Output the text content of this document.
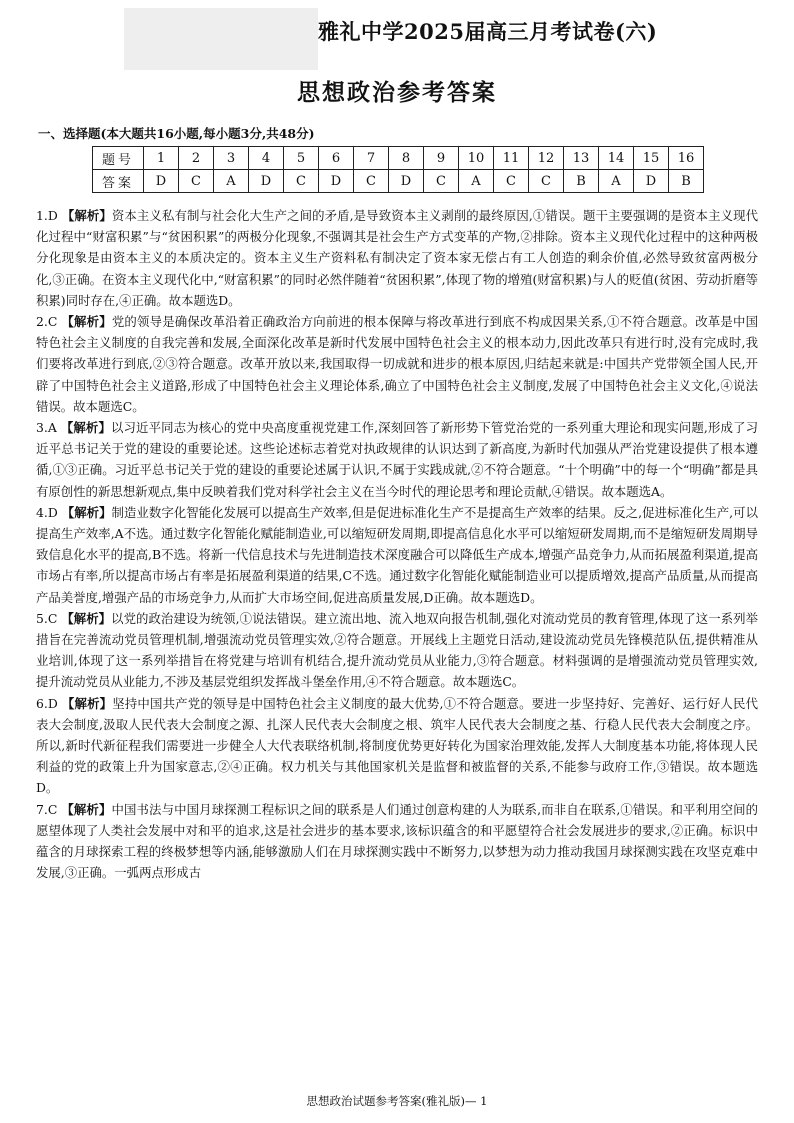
雅礼中学2025届高三月考试卷(六)
思想政治参考答案
一、选择题(本大题共16小题,每小题3分,共48分)
题号	1	2	3	4	5	6	7	8	9	10	11	12	13	14	15	16
答案	D	C	A	D	C	D	C	D	C	A	C	C	B	A	D	B

1.D 【解析】资本主义私有制与社会化大生产之间的矛盾,是导致资本主义剥削的最终原因,①错误。题干主要强调的是资本主义现代化过程中“财富积累”与“贫困积累”的两极分化现象,不强调其是社会生产方式变革的产物,②排除。资本主义现代化过程中的这种两极分化现象是由资本主义的本质决定的。资本主义生产资料私有制决定了资本家无偿占有工人创造的剩余价值,必然导致贫富两极分化,③正确。在资本主义现代化中,“财富积累”的同时必然伴随着“贫困积累”,体现了物的增殖(财富积累)与人的贬值(贫困、劳动折磨等积累)同时存在,④正确。故本题选D。

2.C 【解析】党的领导是确保改革沿着正确政治方向前进的根本保障与将改革进行到底不构成因果关系,①不符合题意。改革是中国特色社会主义制度的自我完善和发展,全面深化改革是新时代发展中国特色社会主义的根本动力,因此改革只有进行时,没有完成时,我们要将改革进行到底,②③符合题意。改革开放以来,我国取得一切成就和进步的根本原因,归结起来就是:中国共产党带领全国人民,开辟了中国特色社会主义道路,形成了中国特色社会主义理论体系,确立了中国特色社会主义制度,发展了中国特色社会主义文化,④说法错误。故本题选C。

3.A 【解析】以习近平同志为核心的党中央高度重视党建工作,深刻回答了新形势下管党治党的一系列重大理论和现实问题,形成了习近平总书记关于党的建设的重要论述。这些论述标志着党对执政规律的认识达到了新高度,为新时代加强从严治党建设提供了根本遵循,①③正确。习近平总书记关于党的建设的重要论述属于认识,不属于实践成就,②不符合题意。“十个明确”中的每一个“明确”都是具有原创性的新思想新观点,集中反映着我们党对科学社会主义在当今时代的理论思考和理论贡献,④错误。故本题选A。

4.D 【解析】制造业数字化智能化发展可以提高生产效率,但是促进标准化生产不是提高生产效率的结果。反之,促进标准化生产,可以提高生产效率,A不选。通过数字化智能化赋能制造业,可以缩短研发周期,即提高信息化水平可以缩短研发周期,而不是缩短研发周期导致信息化水平的提高,B不选。将新一代信息技术与先进制造技术深度融合可以降低生产成本,增强产品竞争力,从而拓展盈利渠道,提高市场占有率,所以提高市场占有率是拓展盈利渠道的结果,C不选。通过数字化智能化赋能制造业可以提质增效,提高产品质量,从而提高产品美誉度,增强产品的市场竞争力,从而扩大市场空间,促进高质量发展,D正确。故本题选D。

5.C 【解析】以党的政治建设为统领,①说法错误。建立流出地、流入地双向报告机制,强化对流动党员的教育管理,体现了这一系列举措旨在完善流动党员管理机制,增强流动党员管理实效,②符合题意。开展线上主题党日活动,建设流动党员先锋模范队伍,提供精准从业培训,体现了这一系列举措旨在将党建与培训有机结合,提升流动党员从业能力,③符合题意。材料强调的是增强流动党员管理实效,提升流动党员从业能力,不涉及基层党组织发挥战斗堡垒作用,④不符合题意。故本题选C。

6.D 【解析】坚持中国共产党的领导是中国特色社会主义制度的最大优势,①不符合题意。要进一步坚持好、完善好、运行好人民代表大会制度,汲取人民代表大会制度之源、扎深人民代表大会制度之根、筑牢人民代表大会制度之基、行稳人民代表大会制度之序。所以,新时代新征程我们需要进一步健全人大代表联络机制,将制度优势更好转化为国家治理效能,发挥人大制度基本功能,将体现人民利益的党的政策上升为国家意志,②④正确。权力机关与其他国家机关是监督和被监督的关系,不能参与政府工作,③错误。故本题选D。

7.C 【解析】中国书法与中国月球探测工程标识之间的联系是人们通过创意构建的人为联系,而非自在联系,①错误。和平利用空间的愿望体现了人类社会发展中对和平的追求,这是社会进步的基本要求,该标识蕴含的和平愿望符合社会发展进步的要求,②正确。标识中蕴含的月球探索工程的终极梦想等内涵,能够激励人们在月球探测实践中不断努力,以梦想为动力推动我国月球探测实践在攻坚克难中发展,③正确。一弧两点形成古

思想政治试题参考答案(雅礼版)— 1
